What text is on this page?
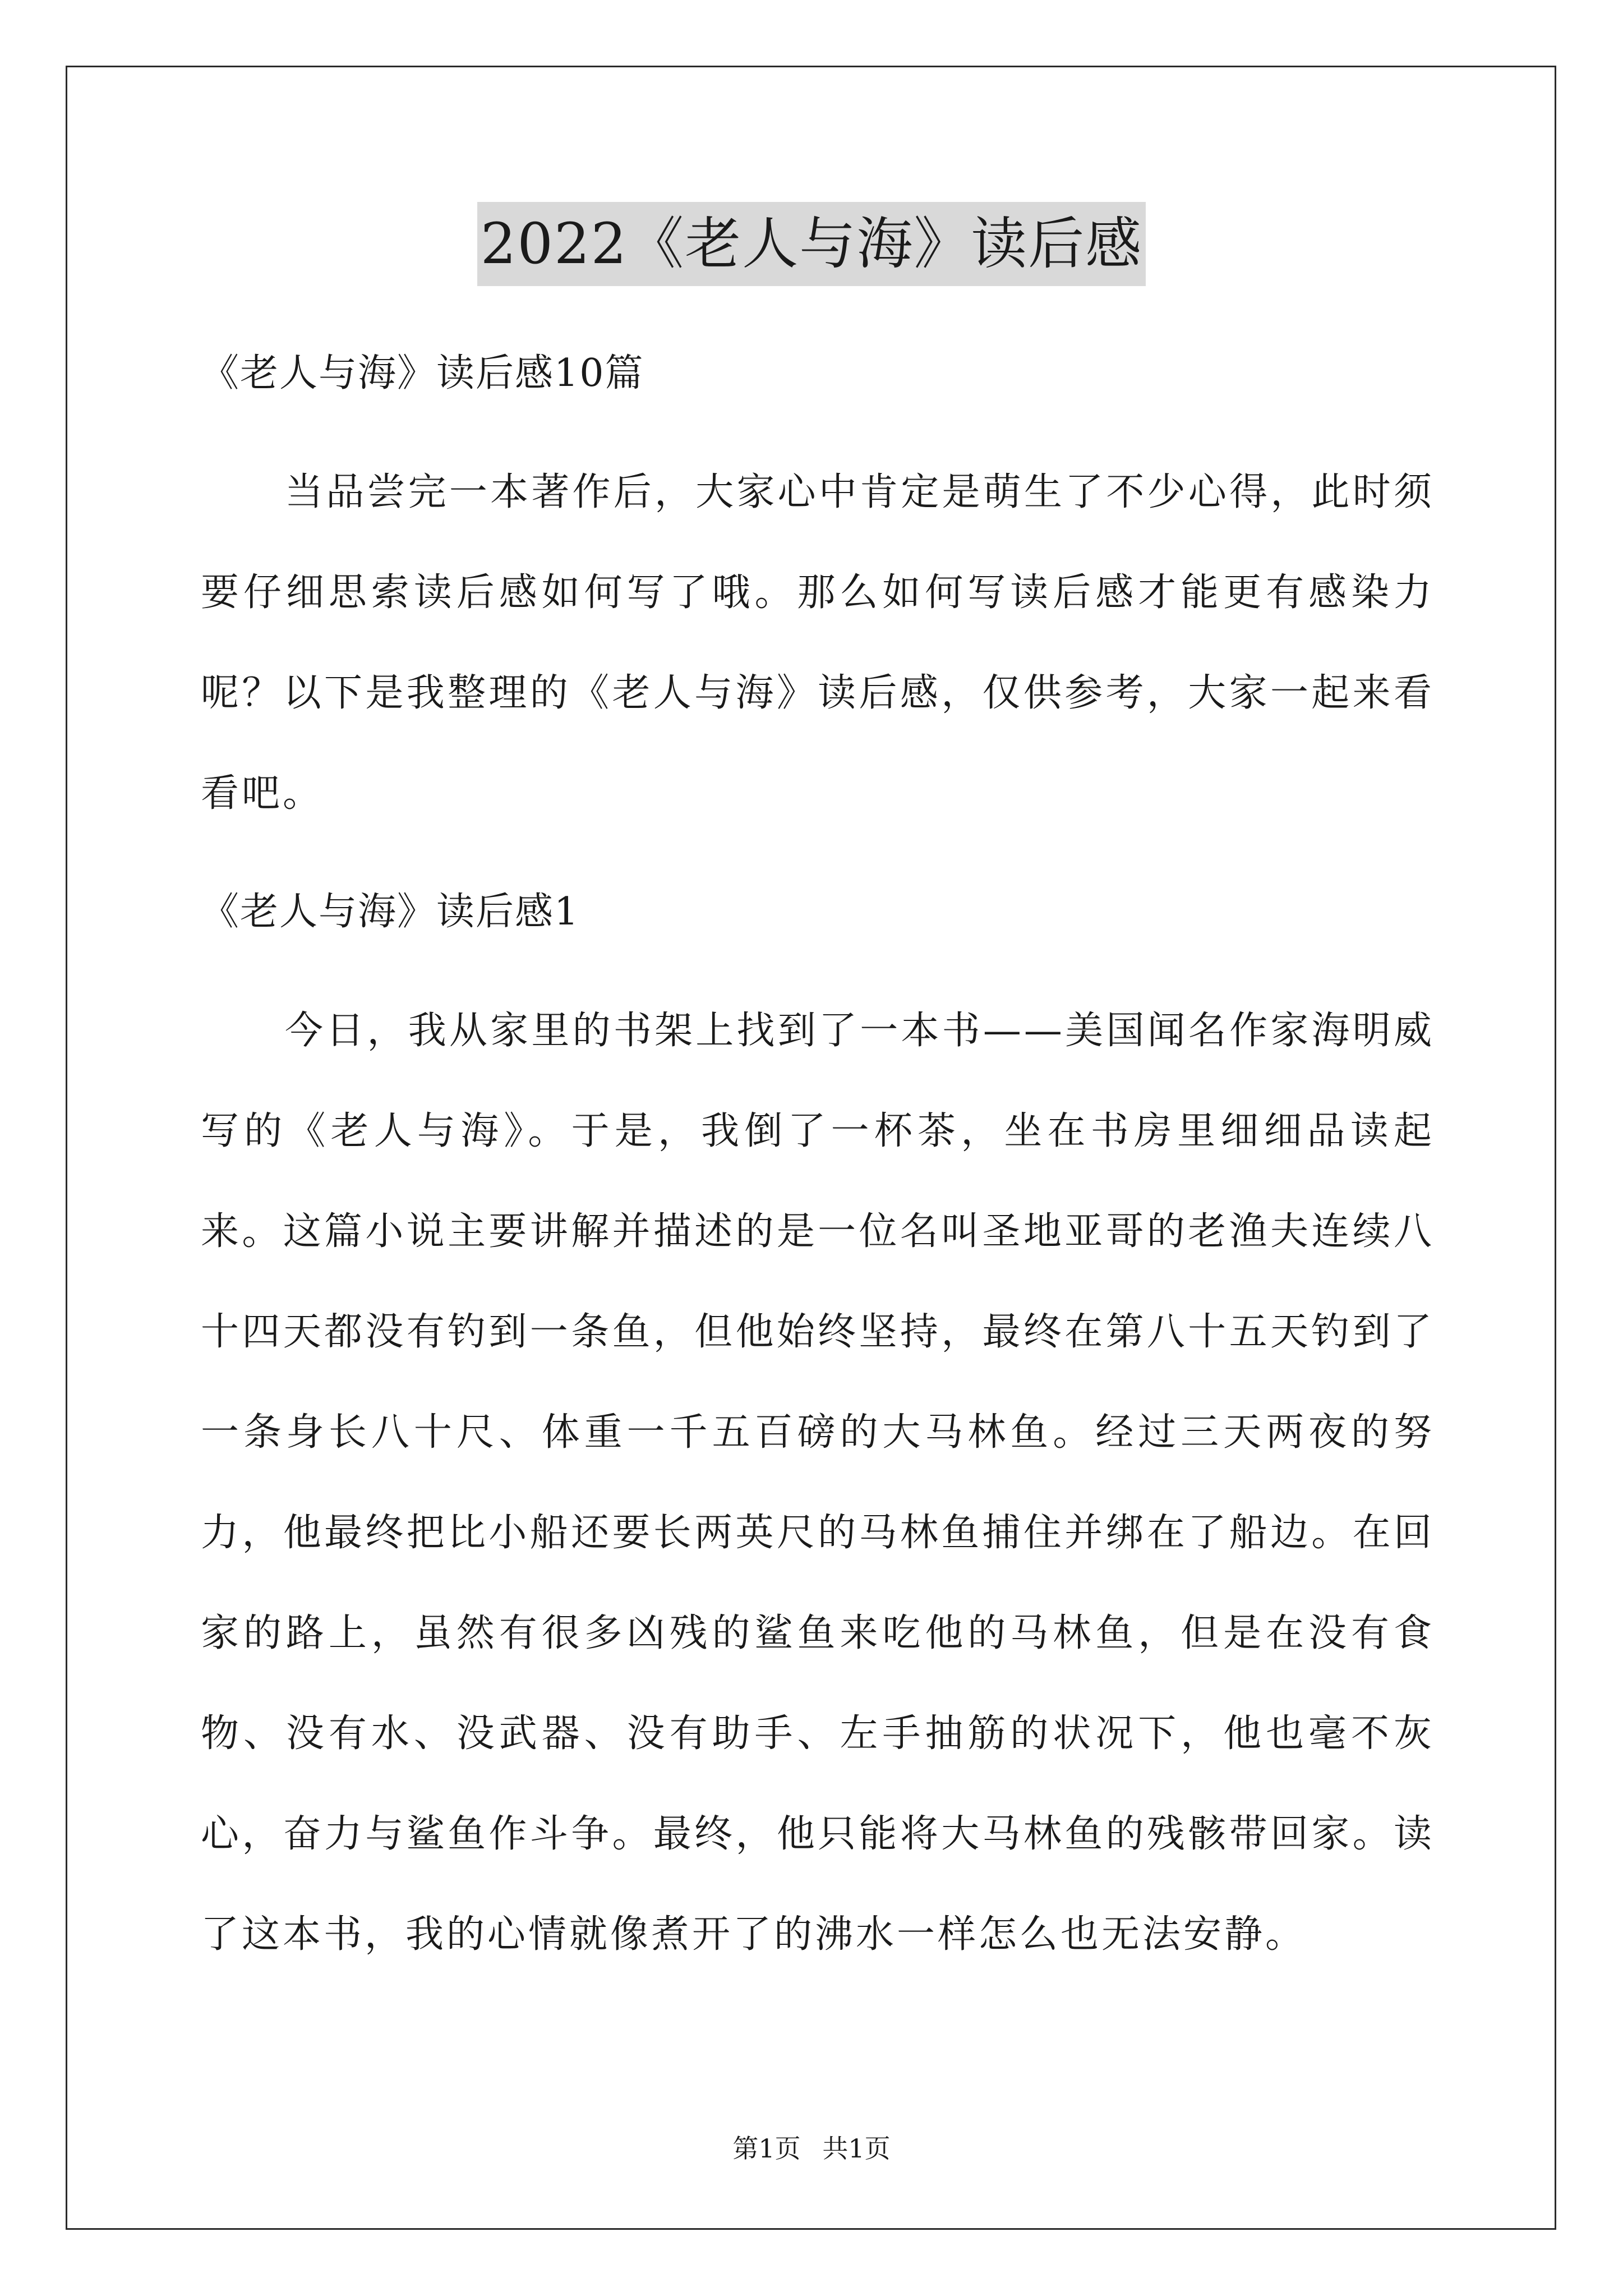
2022《老人与海》读后感
《老人与海》读后感10篇

当品尝完一本著作后，大家心中肯定是萌生了不少心得，此时须要仔细思索读后感如何写了哦。那么如何写读后感才能更有感染力呢？以下是我整理的《老人与海》读后感，仅供参考，大家一起来看看吧。

《老人与海》读后感1

今日，我从家里的书架上找到了一本书——美国闻名作家海明威写的《老人与海》。于是，我倒了一杯茶，坐在书房里细细品读起来。这篇小说主要讲解并描述的是一位名叫圣地亚哥的老渔夫连续八十四天都没有钓到一条鱼，但他始终坚持，最终在第八十五天钓到了一条身长八十尺、体重一千五百磅的大马林鱼。经过三天两夜的努力，他最终把比小船还要长两英尺的马林鱼捕住并绑在了船边。在回家的路上，虽然有很多凶残的鲨鱼来吃他的马林鱼，但是在没有食物、没有水、没武器、没有助手、左手抽筋的状况下，他也毫不灰心，奋力与鲨鱼作斗争。最终，他只能将大马林鱼的残骸带回家。读了这本书，我的心情就像煮开了的沸水一样怎么也无法安静。

第1页 共1页
